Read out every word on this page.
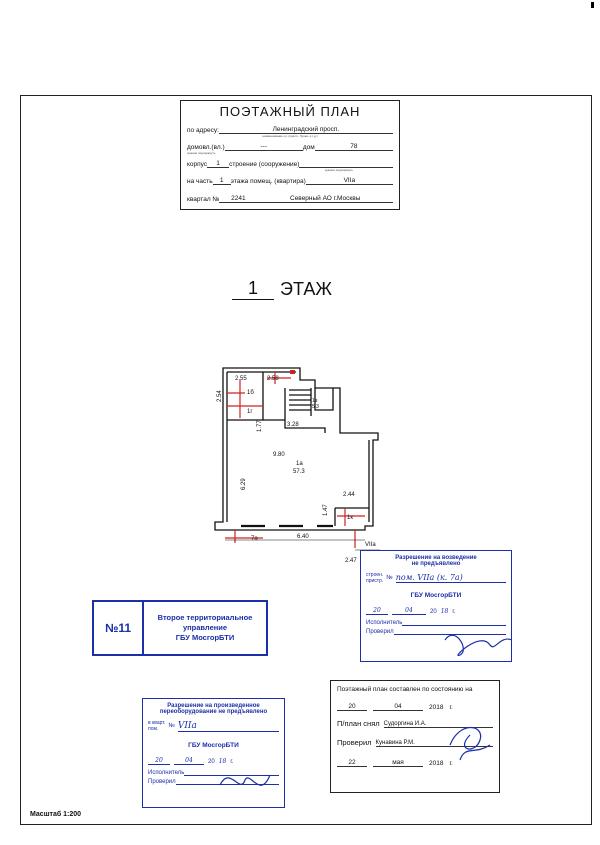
ПОЭТАЖНЫЙ ПЛАН
по адресу:	Ленинградский просп.
наименование ул. (просп., бульв. и т.д.)
домовл.(вл.)	---	дом	78
нужное подчеркнуть
корпус	1	строение (сооружение)
нужное подчеркнуть
на часть	1	этажа помещ. (квартира)	VIIa
квартал №	2241	Северный АО г.Москвы
1	ЭТАЖ
2.55	2.58
2.54
1.77	3.28
9.80
6.29
2.44
1.47
6.40
2.47
1б
1г
1в
5.3
1а
57.3
1к
7а
VIIa
Разрешение на возведение
не предъявлено
строен.
пристр. № пом. VIIa (к. 7а)
ГБУ МосгорБТИ
20	04	20 18 г.
Исполнитель
Проверил
№11
Второе территориальное
управление
ГБУ МосгорБТИ
Разрешение на произведенное
переоборудование не предъявлено
в кварт.
пом.	№ VIIa
ГБУ МосгорБТИ
20	04	20 18 г.
Исполнитель
Проверил
Поэтажный план составлен по состоянию на
20	04	2018 г.
П/план снял Судоргина И.А.
Проверил Кунавина Р.М.
22	мая	2018 г.
Масштаб 1:200
